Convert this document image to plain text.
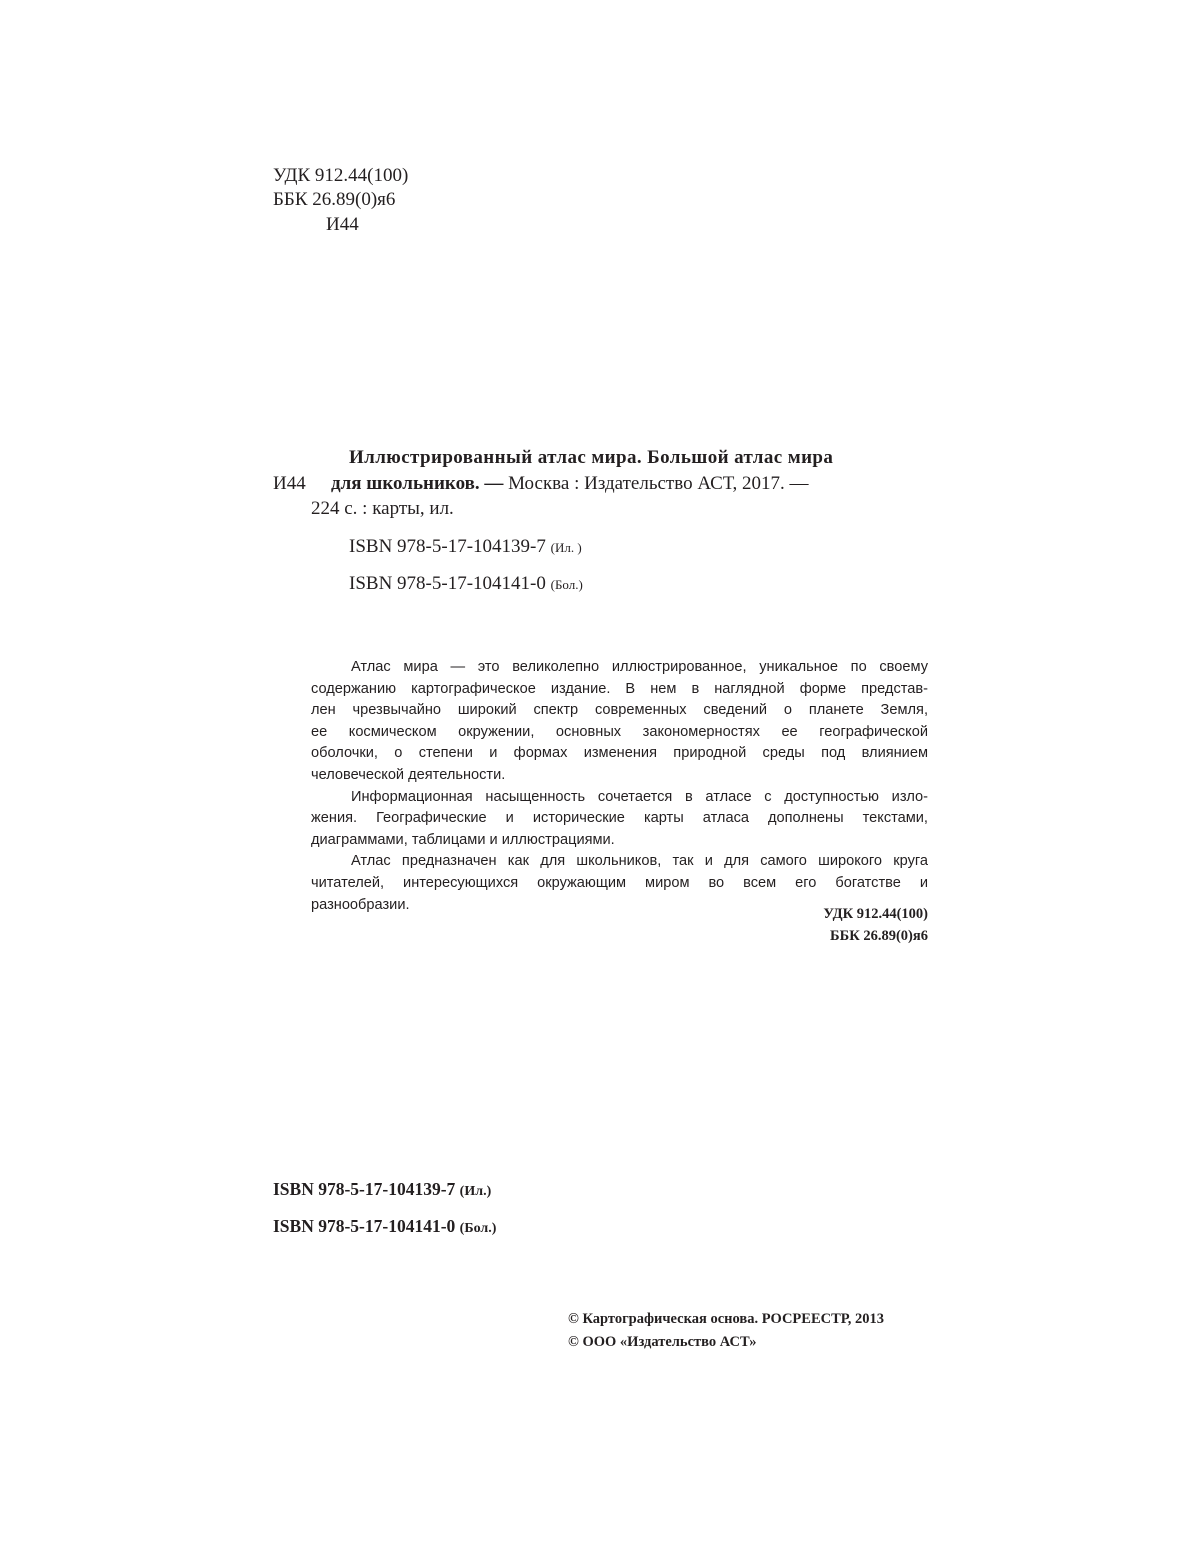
УДК 912.44(100)
ББК 26.89(0)я6
И44
Иллюстрированный атлас мира. Большой атлас мира
И44 для школьников. — Москва : Издательство АСТ, 2017. —
224 с. : карты, ил.
ISBN 978-5-17-104139-7 (Ил. )
ISBN 978-5-17-104141-0 (Бол.)
Атлас мира — это великолепно иллюстрированное, уникальное по своему
содержанию картографическое издание. В нем в наглядной форме представ-
лен чрезвычайно широкий спектр современных сведений о планете Земля,
ее космическом окружении, основных закономерностях ее географической
оболочки, о степени и формах изменения природной среды под влиянием
человеческой деятельности.
Информационная насыщенность сочетается в атласе с доступностью изло-
жения. Географические и исторические карты атласа дополнены текстами,
диаграммами, таблицами и иллюстрациями.
Атлас предназначен как для школьников, так и для самого широкого круга
читателей, интересующихся окружающим миром во всем его богатстве и
разнообразии.
УДК 912.44(100)
ББК 26.89(0)я6
ISBN 978-5-17-104139-7 (Ил.)
ISBN 978-5-17-104141-0 (Бол.)
© Картографическая основа. РОСРЕЕСТР, 2013
© ООО «Издательство АСТ»
